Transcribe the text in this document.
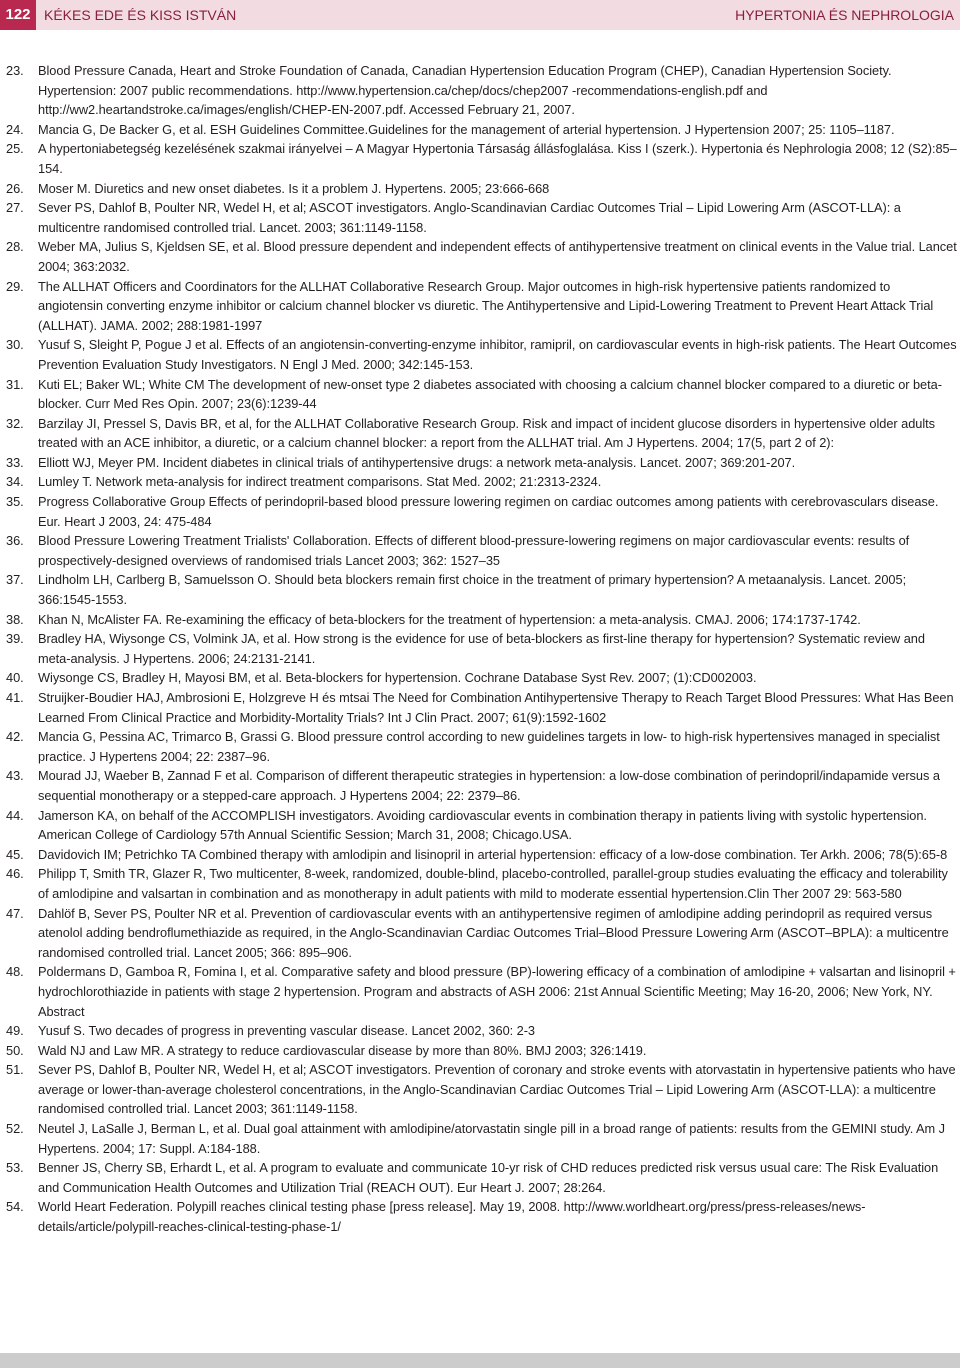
122 KÉKES EDE ÉS KISS ISTVÁN	HYPERTONIA ÉS NEPHROLOGIA

23. Blood Pressure Canada, Heart and Stroke Foundation of Canada, Canadian Hypertension Education Program (CHEP), Canadian Hypertension Society. Hypertension: 2007 public recommendations. http://www.hypertension.ca/chep/docs/chep2007 -recommendations-english.pdf and http://ww2.heartandstroke.ca/images/english/CHEP-EN-2007.pdf. Accessed February 21, 2007.

24. Mancia G, De Backer G, et al. ESH Guidelines Committee.Guidelines for the management of arterial hypertension. J Hypertension 2007; 25: 1105–1187.

25. A hypertoniabetegség kezelésének szakmai irányelvei – A Magyar Hypertonia Társaság állásfoglalása. Kiss I (szerk.). Hypertonia és Nephrologia 2008; 12 (S2):85–154.

26. Moser M. Diuretics and new onset diabetes. Is it a problem J. Hypertens. 2005; 23:666-668

27. Sever PS, Dahlof B, Poulter NR, Wedel H, et al; ASCOT investigators. Anglo-Scandinavian Cardiac Outcomes Trial – Lipid Lowering Arm (ASCOT-LLA): a multicentre randomised controlled trial. Lancet. 2003; 361:1149-1158.

28. Weber MA, Julius S, Kjeldsen SE, et al. Blood pressure dependent and independent effects of antihypertensive treatment on clinical events in the Value trial. Lancet 2004; 363:2032.

29. The ALLHAT Officers and Coordinators for the ALLHAT Collaborative Research Group. Major outcomes in high-risk hypertensive patients randomized to angiotensin converting enzyme inhibitor or calcium channel blocker vs diuretic. The Antihypertensive and Lipid-Lowering Treatment to Prevent Heart Attack Trial (ALLHAT). JAMA. 2002; 288:1981-1997

30. Yusuf S, Sleight P, Pogue J et al. Effects of an angiotensin-converting-enzyme inhibitor, ramipril, on cardiovascular events in high-risk patients. The Heart Outcomes Prevention Evaluation Study Investigators. N Engl J Med. 2000; 342:145-153.

31. Kuti EL; Baker WL; White CM The development of new-onset type 2 diabetes associated with choosing a calcium channel blocker compared to a diuretic or beta-blocker. Curr Med Res Opin. 2007; 23(6):1239-44

32. Barzilay JI, Pressel S, Davis BR, et al, for the ALLHAT Collaborative Research Group. Risk and impact of incident glucose disorders in hypertensive older adults treated with an ACE inhibitor, a diuretic, or a calcium channel blocker: a report from the ALLHAT trial. Am J Hypertens. 2004; 17(5, part 2 of 2):

33. Elliott WJ, Meyer PM. Incident diabetes in clinical trials of antihypertensive drugs: a network meta-analysis. Lancet. 2007; 369:201-207.

34. Lumley T. Network meta-analysis for indirect treatment comparisons. Stat Med. 2002; 21:2313-2324.

35. Progress Collaborative Group Effects of perindopril-based blood pressure lowering regimen on cardiac outcomes among patients with cerebrovasculars disease. Eur. Heart J 2003, 24: 475-484

36. Blood Pressure Lowering Treatment Trialists' Collaboration. Effects of different blood-pressure-lowering regimens on major cardiovascular events: results of prospectively-designed overviews of randomised trials Lancet 2003; 362: 1527–35

37. Lindholm LH, Carlberg B, Samuelsson O. Should beta blockers remain first choice in the treatment of primary hypertension? A metaanalysis. Lancet. 2005; 366:1545-1553.

38. Khan N, McAlister FA. Re-examining the efficacy of beta-blockers for the treatment of hypertension: a meta-analysis. CMAJ. 2006; 174:1737-1742.

39. Bradley HA, Wiysonge CS, Volmink JA, et al. How strong is the evidence for use of beta-blockers as first-line therapy for hypertension? Systematic review and meta-analysis. J Hypertens. 2006; 24:2131-2141.

40. Wiysonge CS, Bradley H, Mayosi BM, et al. Beta-blockers for hypertension. Cochrane Database Syst Rev. 2007; (1):CD002003.

41. Struijker-Boudier HAJ, Ambrosioni E, Holzgreve H és mtsai The Need for Combination Antihypertensive Therapy to Reach Target Blood Pressures: What Has Been Learned From Clinical Practice and Morbidity-Mortality Trials? Int J Clin Pract. 2007; 61(9):1592-1602

42. Mancia G, Pessina AC, Trimarco B, Grassi G. Blood pressure control according to new guidelines targets in low- to high-risk hypertensives managed in specialist practice. J Hypertens 2004; 22: 2387–96.

43. Mourad JJ, Waeber B, Zannad F et al. Comparison of different therapeutic strategies in hypertension: a low-dose combination of perindopril/indapamide versus a sequential monotherapy or a stepped-care approach. J Hypertens 2004; 22: 2379–86.

44. Jamerson KA, on behalf of the ACCOMPLISH investigators. Avoiding cardiovascular events in combination therapy in patients living with systolic hypertension. American College of Cardiology 57th Annual Scientific Session; March 31, 2008; Chicago.USA.

45. Davidovich IM; Petrichko TA Combined therapy with amlodipin and lisinopril in arterial hypertension: efficacy of a low-dose combination. Ter Arkh. 2006; 78(5):65-8

46. Philipp T, Smith TR, Glazer R, Two multicenter, 8-week, randomized, double-blind, placebo-controlled, parallel-group studies evaluating the efficacy and tolerability of amlodipine and valsartan in combination and as monotherapy in adult patients with mild to moderate essential hypertension.Clin Ther 2007 29: 563-580

47. Dahlöf B, Sever PS, Poulter NR et al. Prevention of cardiovascular events with an antihypertensive regimen of amlodipine adding perindopril as required versus atenolol adding bendroflumethiazide as required, in the Anglo-Scandinavian Cardiac Outcomes Trial–Blood Pressure Lowering Arm (ASCOT–BPLA): a multicentre randomised controlled trial. Lancet 2005; 366: 895–906.

48. Poldermans D, Gamboa R, Fomina I, et al. Comparative safety and blood pressure (BP)-lowering efficacy of a combination of amlodipine + valsartan and lisinopril + hydrochlorothiazide in patients with stage 2 hypertension. Program and abstracts of ASH 2006: 21st Annual Scientific Meeting; May 16-20, 2006; New York, NY. Abstract

49. Yusuf S. Two decades of progress in preventing vascular disease. Lancet 2002, 360: 2-3

50. Wald NJ and Law MR. A strategy to reduce cardiovascular disease by more than 80%. BMJ 2003; 326:1419.

51. Sever PS, Dahlof B, Poulter NR, Wedel H, et al; ASCOT investigators. Prevention of coronary and stroke events with atorvastatin in hypertensive patients who have average or lower-than-average cholesterol concentrations, in the Anglo-Scandinavian Cardiac Outcomes Trial – Lipid Lowering Arm (ASCOT-LLA): a multicentre randomised controlled trial. Lancet 2003; 361:1149-1158.

52. Neutel J, LaSalle J, Berman L, et al. Dual goal attainment with amlodipine/atorvastatin single pill in a broad range of patients: results from the GEMINI study. Am J Hypertens. 2004; 17: Suppl. A:184-188.

53. Benner JS, Cherry SB, Erhardt L, et al. A program to evaluate and communicate 10-yr risk of CHD reduces predicted risk versus usual care: The Risk Evaluation and Communication Health Outcomes and Utilization Trial (REACH OUT). Eur Heart J. 2007; 28:264.

54. World Heart Federation. Polypill reaches clinical testing phase [press release]. May 19, 2008. http://www.worldheart.org/press/press-releases/news-details/article/polypill-reaches-clinical-testing-phase-1/
